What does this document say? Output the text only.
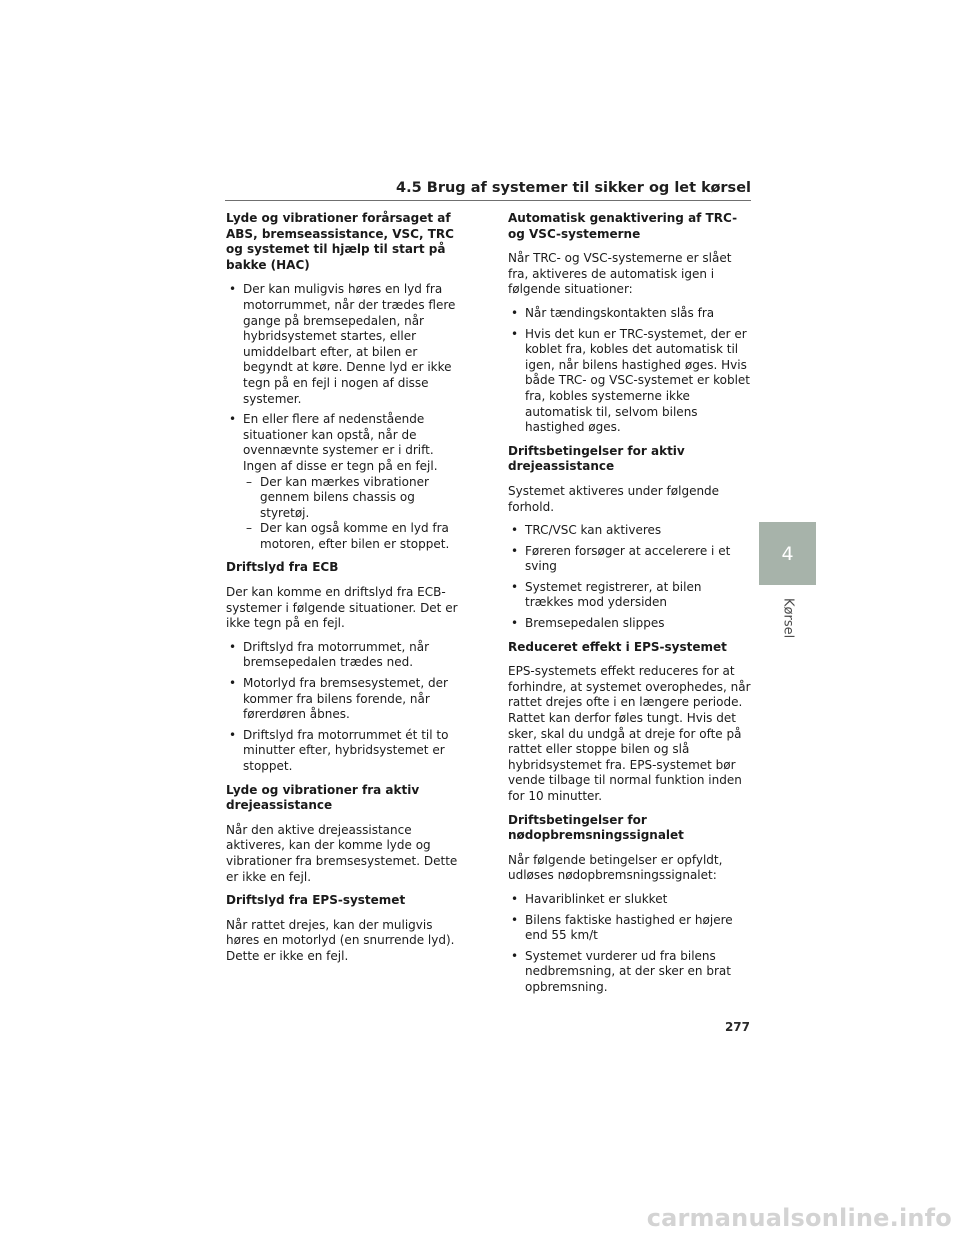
4.5 Brug af systemer til sikker og let kørsel
Lyde og vibrationer forårsaget af ABS, bremseassistance, VSC, TRC og systemet til hjælp til start på bakke (HAC)
• Der kan muligvis høres en lyd fra motorrummet, når der trædes flere gange på bremsepedalen, når hybridsystemet startes, eller umiddelbart efter, at bilen er begyndt at køre. Denne lyd er ikke tegn på en fejl i nogen af disse systemer.
• En eller flere af nedenstående situationer kan opstå, når de ovennævnte systemer er i drift. Ingen af disse er tegn på en fejl.
– Der kan mærkes vibrationer gennem bilens chassis og styretøj.
– Der kan også komme en lyd fra motoren, efter bilen er stoppet.
Driftslyd fra ECB
Der kan komme en driftslyd fra ECB-systemer i følgende situationer. Det er ikke tegn på en fejl.
• Driftslyd fra motorrummet, når bremsepedalen trædes ned.
• Motorlyd fra bremsesystemet, der kommer fra bilens forende, når førerdøren åbnes.
• Driftslyd fra motorrummet ét til to minutter efter, hybridsystemet er stoppet.
Lyde og vibrationer fra aktiv drejeassistance
Når den aktive drejeassistance aktiveres, kan der komme lyde og vibrationer fra bremsesystemet. Dette er ikke en fejl.
Driftslyd fra EPS-systemet
Når rattet drejes, kan der muligvis høres en motorlyd (en snurrende lyd). Dette er ikke en fejl.
Automatisk genaktivering af TRC- og VSC-systemerne
Når TRC- og VSC-systemerne er slået fra, aktiveres de automatisk igen i følgende situationer:
• Når tændingskontakten slås fra
• Hvis det kun er TRC-systemet, der er koblet fra, kobles det automatisk til igen, når bilens hastighed øges. Hvis både TRC- og VSC-systemet er koblet fra, kobles systemerne ikke automatisk til, selvom bilens hastighed øges.
Driftsbetingelser for aktiv drejeassistance
Systemet aktiveres under følgende forhold.
• TRC/VSC kan aktiveres
• Føreren forsøger at accelerere i et sving
• Systemet registrerer, at bilen trækkes mod ydersiden
• Bremsepedalen slippes
Reduceret effekt i EPS-systemet
EPS-systemets effekt reduceres for at forhindre, at systemet overophedes, når rattet drejes ofte i en længere periode. Rattet kan derfor føles tungt. Hvis det sker, skal du undgå at dreje for ofte på rattet eller stoppe bilen og slå hybridsystemet fra. EPS-systemet bør vende tilbage til normal funktion inden for 10 minutter.
Driftsbetingelser for nødopbremsningssignalet
Når følgende betingelser er opfyldt, udløses nødopbremsningssignalet:
• Havariblinket er slukket
• Bilens faktiske hastighed er højere end 55 km/t
• Systemet vurderer ud fra bilens nedbremsning, at der sker en brat opbremsning.
4
Kørsel
277
carmanualsonline.info
